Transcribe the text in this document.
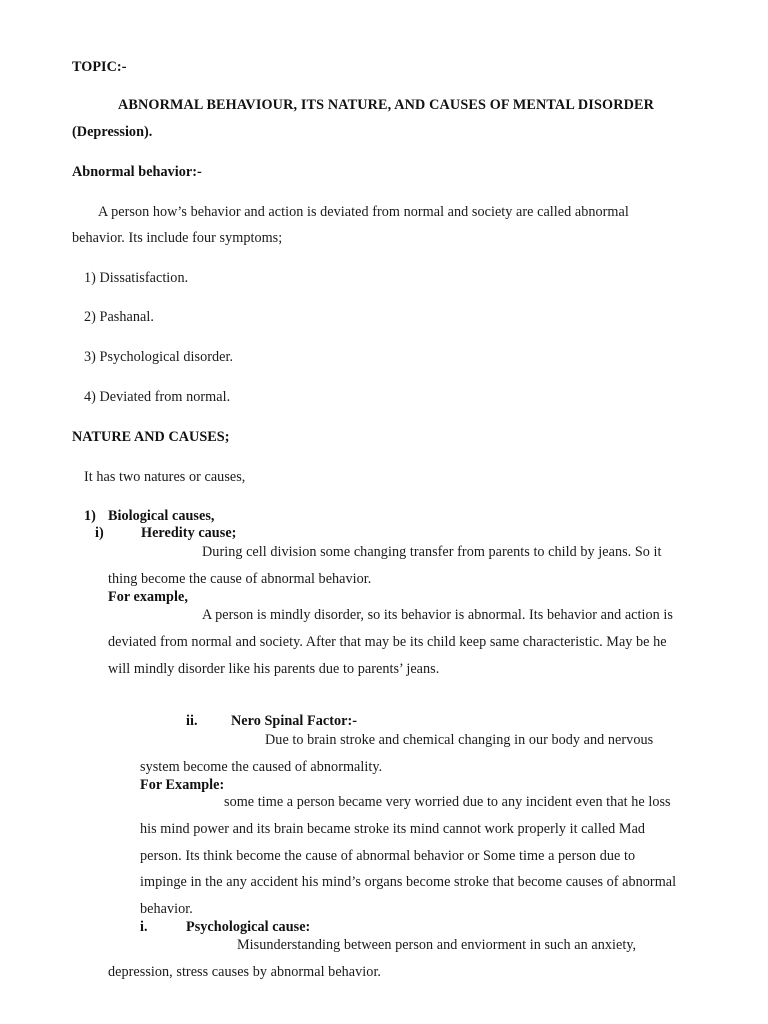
TOPIC:-
ABNORMAL BEHAVIOUR, ITS NATURE, AND CAUSES OF MENTAL DISORDER
(Depression).
Abnormal behavior:-
A person how’s behavior and action is deviated from normal and society are called abnormal
behavior. Its include four symptoms;
1) Dissatisfaction.
2) Pashanal.
3) Psychological disorder.
4) Deviated from normal.
NATURE AND CAUSES;
It has two natures or causes,
1) Biological causes,
i)	Heredity cause;
During cell division some changing transfer from parents to child by jeans. So it
thing become the cause of abnormal behavior.
For example,
A person is mindly disorder, so its behavior is abnormal. Its behavior and action is
deviated from normal and society. After that may be its child keep same characteristic. May be he
will mindly disorder like his parents due to parents’ jeans.
ii. Nero Spinal Factor:-
Due to brain stroke and chemical changing in our body and nervous
system become the caused of abnormality.
For Example:
some time a person became very worried due to any incident even that he loss
his mind power and its brain became stroke its mind cannot work properly it called Mad
person. Its think become the cause of abnormal behavior or Some time a person due to
impinge in the any accident his mind’s organs become stroke that become causes of abnormal
behavior.
i.	Psychological cause:
Misunderstanding between person and enviorment in such an anxiety,
depression, stress causes by abnormal behavior.
